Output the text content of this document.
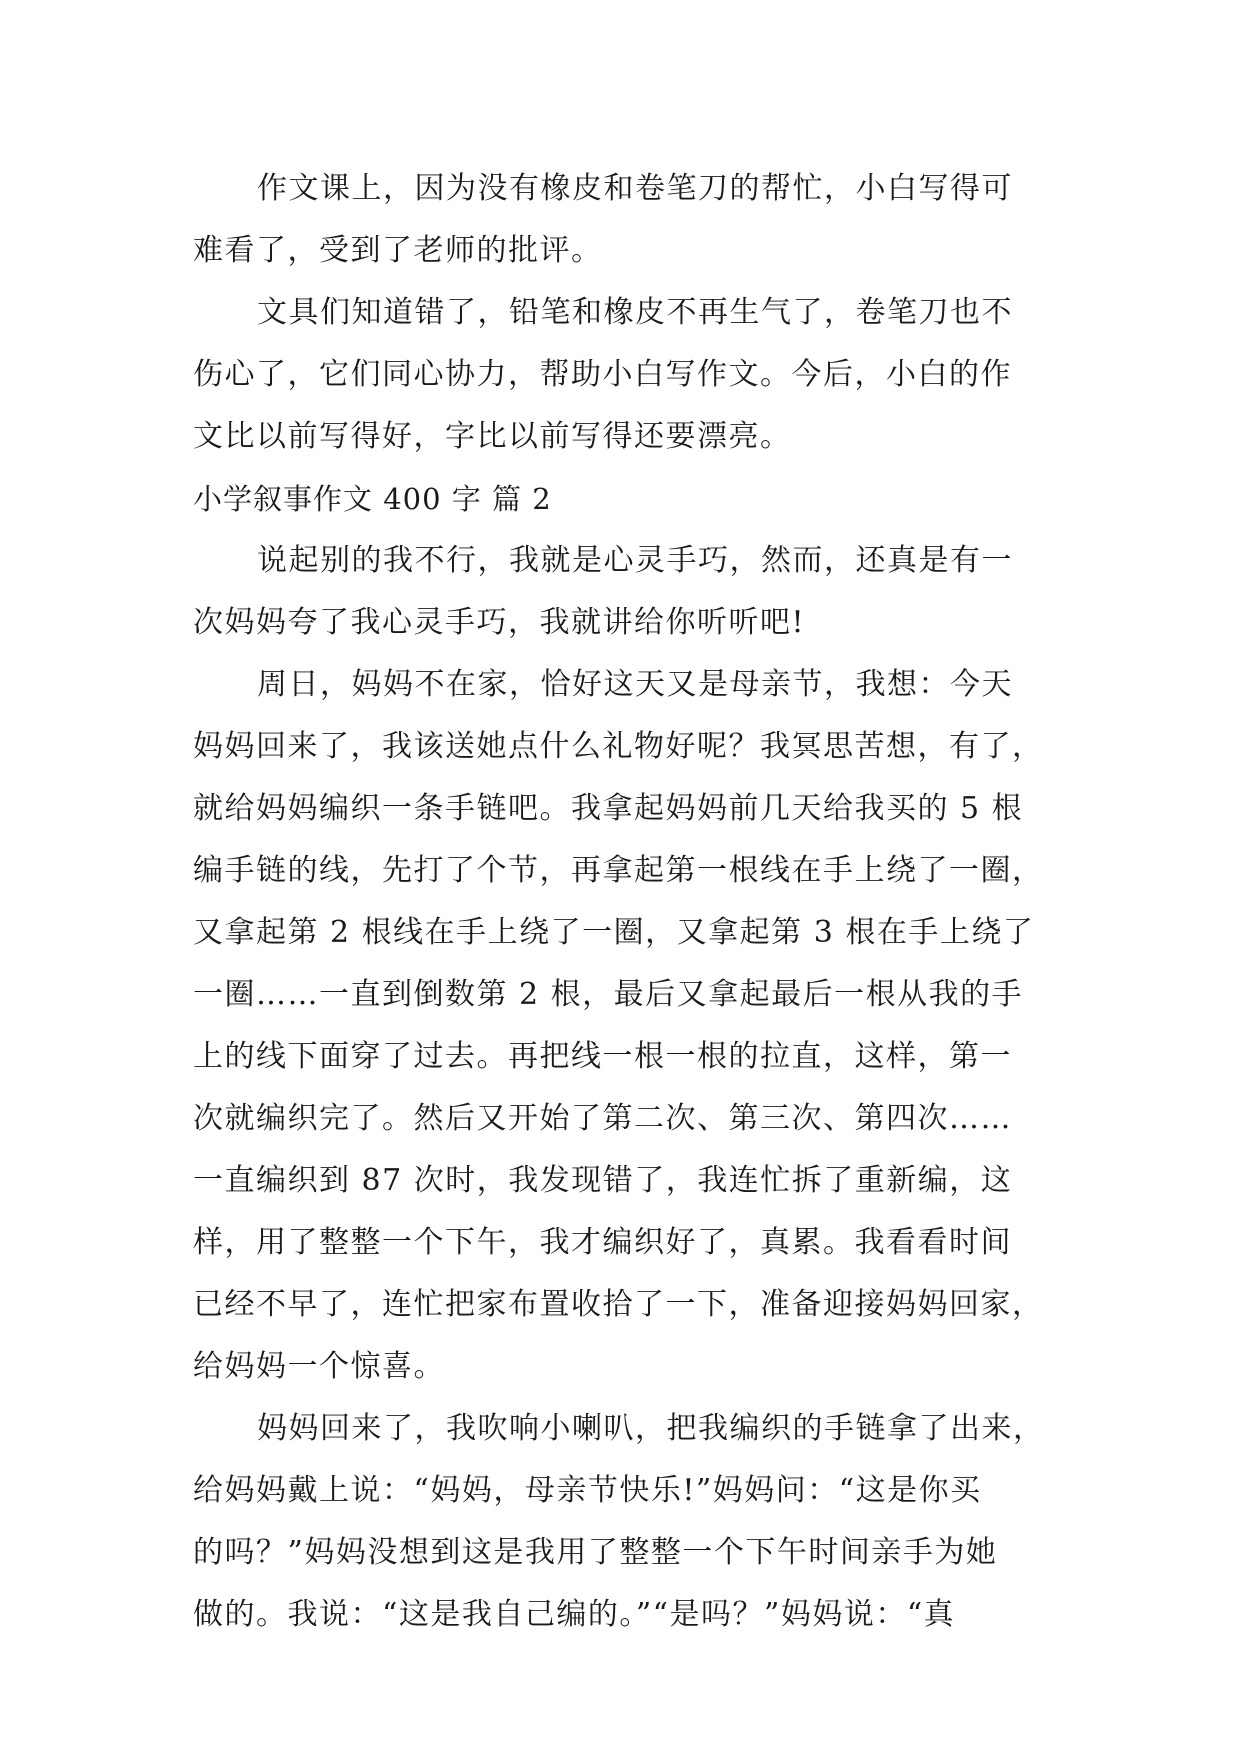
作文课上，因为没有橡皮和卷笔刀的帮忙，小白写得可
难看了，受到了老师的批评。
文具们知道错了，铅笔和橡皮不再生气了，卷笔刀也不
伤心了，它们同心协力，帮助小白写作文。今后，小白的作
文比以前写得好，字比以前写得还要漂亮。
小学叙事作文 400 字 篇 2
说起别的我不行，我就是心灵手巧，然而，还真是有一
次妈妈夸了我心灵手巧，我就讲给你听听吧!
周日，妈妈不在家，恰好这天又是母亲节，我想：今天
妈妈回来了，我该送她点什么礼物好呢？我冥思苦想，有了，
就给妈妈编织一条手链吧。我拿起妈妈前几天给我买的 5 根
编手链的线，先打了个节，再拿起第一根线在手上绕了一圈，
又拿起第 2 根线在手上绕了一圈，又拿起第 3 根在手上绕了
一圈……一直到倒数第 2 根，最后又拿起最后一根从我的手
上的线下面穿了过去。再把线一根一根的拉直，这样，第一
次就编织完了。然后又开始了第二次、第三次、第四次……
一直编织到 87 次时，我发现错了，我连忙拆了重新编，这
样，用了整整一个下午，我才编织好了，真累。我看看时间
已经不早了，连忙把家布置收拾了一下，准备迎接妈妈回家，
给妈妈一个惊喜。
妈妈回来了，我吹响小喇叭，把我编织的手链拿了出来，
给妈妈戴上说：“妈妈，母亲节快乐!”妈妈问：“这是你买
的吗？”妈妈没想到这是我用了整整一个下午时间亲手为她
做的。我说：“这是我自己编的。”“是吗？”妈妈说：“真
